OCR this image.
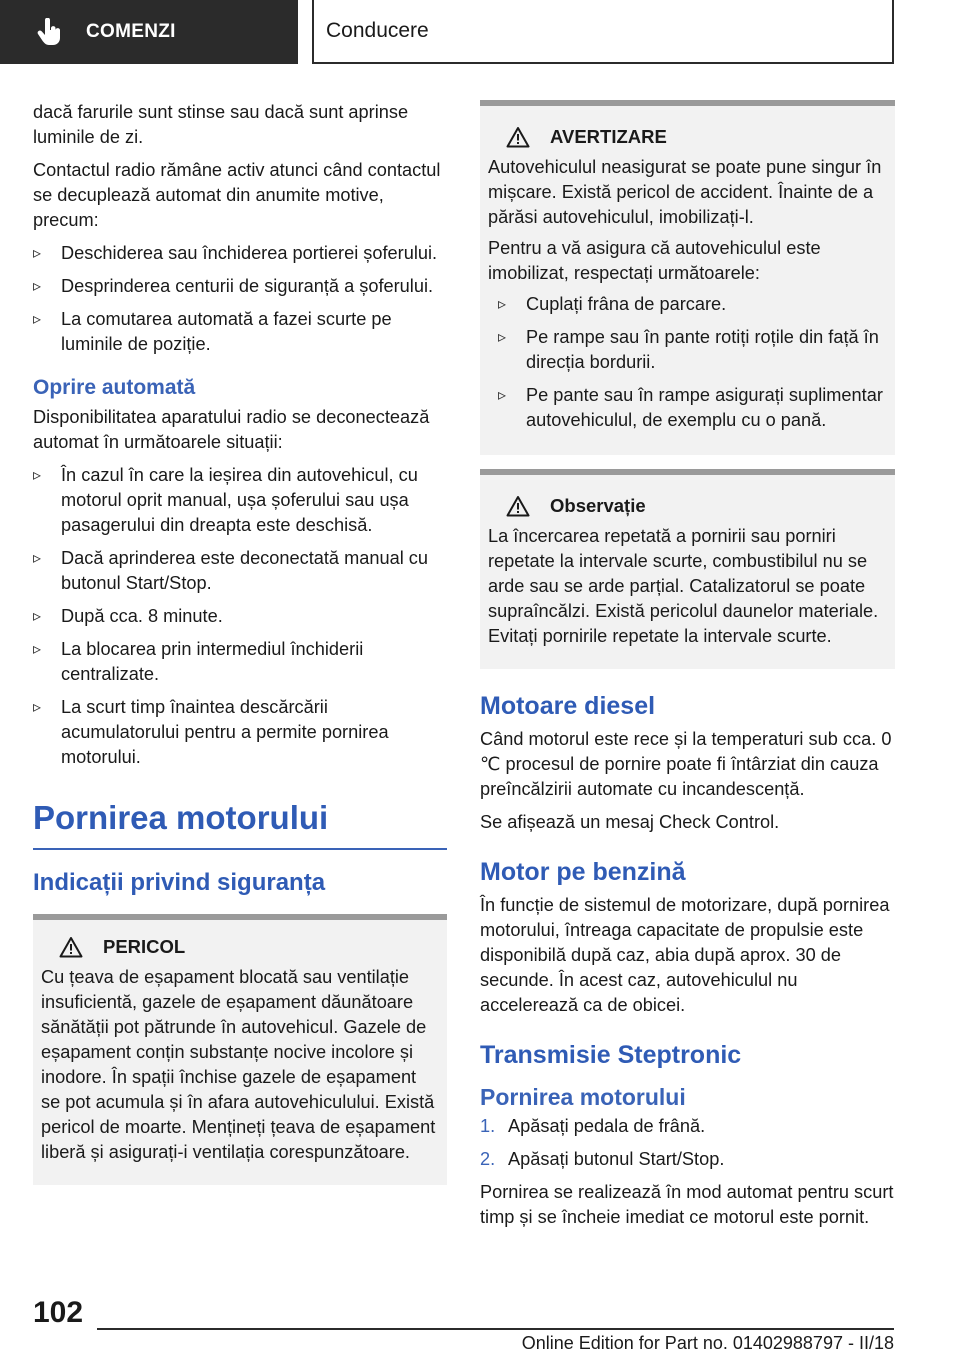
COMENZI	Conducere

dacă farurile sunt stinse sau dacă sunt aprinse luminile de zi.

Contactul radio rămâne activ atunci când contactul se decuplează automat din anumite motive, precum:

▹ Deschiderea sau închiderea portierei șoferului.
▹ Desprinderea centurii de siguranță a șoferului.
▹ La comutarea automată a fazei scurte pe luminile de poziție.
Oprire automată

Disponibilitatea aparatului radio se deconectează automat în următoarele situații:

▹ În cazul în care la ieșirea din autovehicul, cu motorul oprit manual, ușa șoferului sau ușa pasagerului din dreapta este deschisă.
▹ Dacă aprinderea este deconectată manual cu butonul Start/Stop.
▹ După cca. 8 minute.
▹ La blocarea prin intermediul închiderii centralizate.
▹ La scurt timp înaintea descărcării acumulatorului pentru a permite pornirea motorului.
Pornirea motorului
Indicații privind siguranța
PERICOL

Cu țeava de eșapament blocată sau ventilație insuficientă, gazele de eșapament dăunătoare sănătății pot pătrunde în autovehicul. Gazele de eșapament conțin substanțe nocive incolore și inodore. În spații închise gazele de eșapament se pot acumula și în afara autovehiculului. Există pericol de moarte. Mențineți țeava de eșapament liberă și asigurați-i ventilația corespunzătoare.

AVERTIZARE

Autovehiculul neasigurat se poate pune singur în mișcare. Există pericol de accident. Înainte de a părăsi autovehiculul, imobilizați-l.

Pentru a vă asigura că autovehiculul este imobilizat, respectați următoarele:

▹ Cuplați frâna de parcare.
▹ Pe rampe sau în pante rotiți roțile din față în direcția bordurii.
▹ Pe pante sau în rampe asigurați suplimentar autovehiculul, de exemplu cu o pană.
Observație

La încercarea repetată a pornirii sau porniri repetate la intervale scurte, combustibilul nu se arde sau se arde parțial. Catalizatorul se poate supraîncălzi. Există pericolul daunelor materiale. Evitați pornirile repetate la intervale scurte.

Motoare diesel

Când motorul este rece și la temperaturi sub cca. 0 ℃ procesul de pornire poate fi întârziat din cauza preîncălzirii automate cu incandescență.

Se afișează un mesaj Check Control.

Motor pe benzină

În funcție de sistemul de motorizare, după pornirea motorului, întreaga capacitate de propulsie este disponibilă după caz, abia după aprox. 30 de secunde. În acest caz, autovehiculul nu accelerează ca de obicei.

Transmisie Steptronic
Pornirea motorului
1. Apăsați pedala de frână.
2. Apăsați butonul Start/Stop.

Pornirea se realizează în mod automat pentru scurt timp și se încheie imediat ce motorul este pornit.

102
Online Edition for Part no. 01402988797 - II/18
